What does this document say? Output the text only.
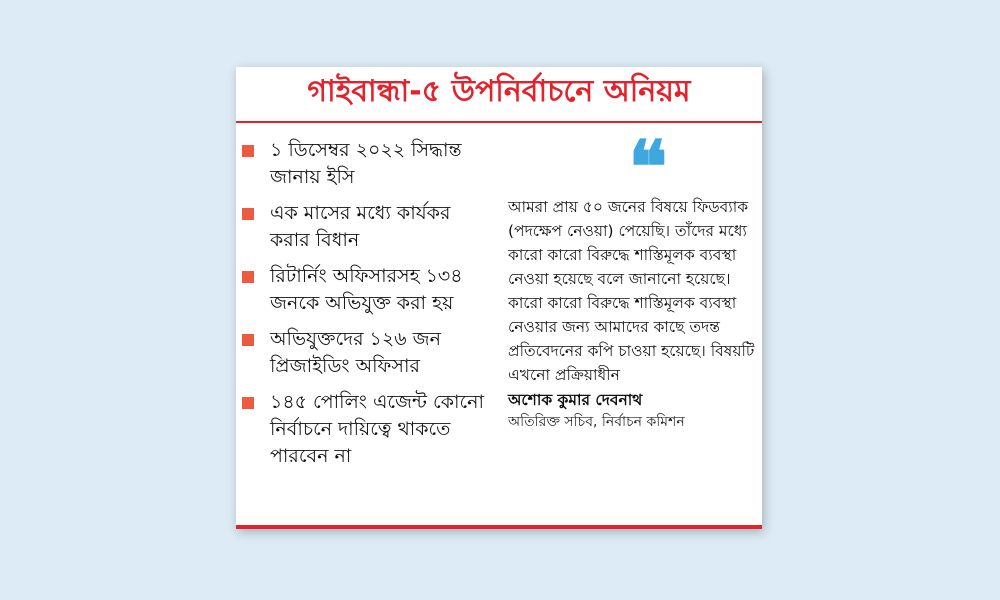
গাইবান্ধা-৫ উপনির্বাচনে অনিয়ম
১ ডিসেম্বর ২০২২ সিদ্ধান্ত জানায় ইসি
এক মাসের মধ্যে কার্যকর করার বিধান
রিটার্নিং অফিসারসহ ১৩৪ জনকে অভিযুক্ত করা হয়
অভিযুক্তদের ১২৬ জন প্রিজাইডিং অফিসার
১৪৫ পোলিং এজেন্ট কোনো নির্বাচনে দায়িত্বে থাকতে পারবেন না
❝
আমরা প্রায় ৫০ জনের বিষয়ে ফিডব্যাক (পদক্ষেপ নেওয়া) পেয়েছি। তাঁদের মধ্যে কারো কারো বিরুদ্ধে শাস্তিমূলক ব্যবস্থা নেওয়া হয়েছে বলে জানানো হয়েছে। কারো কারো বিরুদ্ধে শাস্তিমূলক ব্যবস্থা নেওয়ার জন্য আমাদের কাছে তদন্ত প্রতিবেদনের কপি চাওয়া হয়েছে। বিষয়টি এখনো প্রক্রিয়াধীন
অশোক কুমার দেবনাথ
অতিরিক্ত সচিব, নির্বাচন কমিশন
